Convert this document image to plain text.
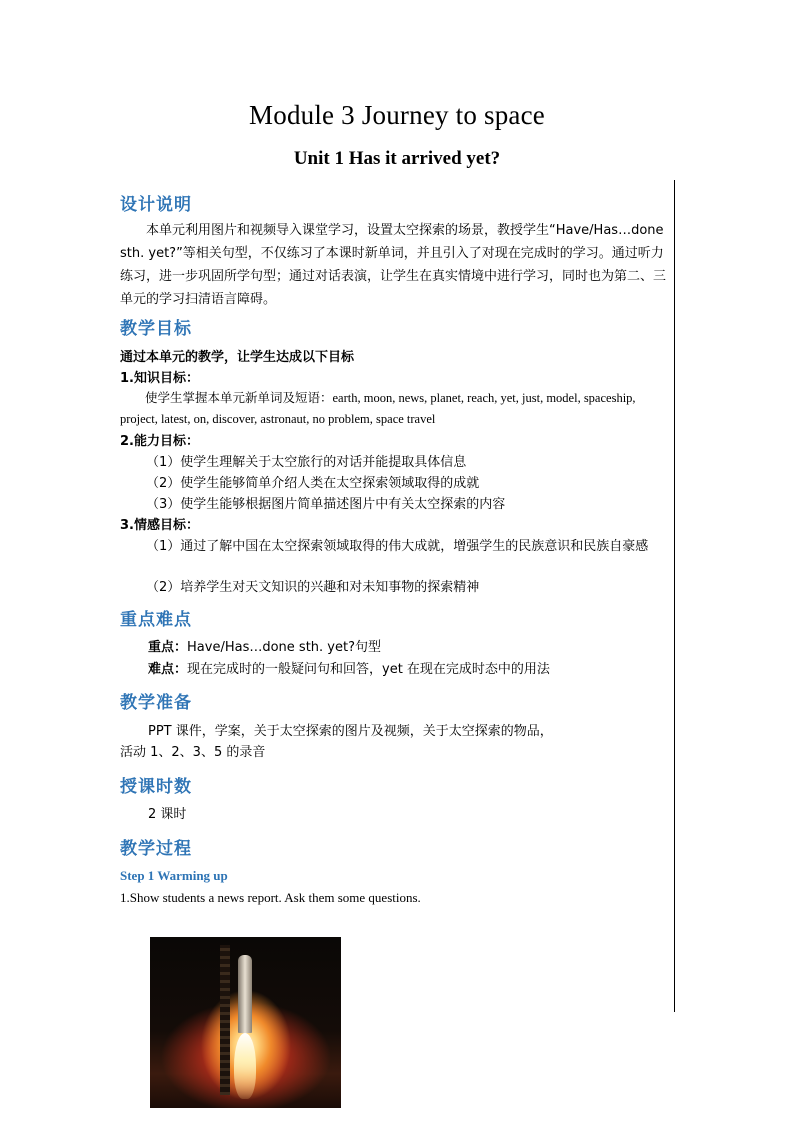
Module 3 Journey to space
Unit 1 Has it arrived yet?
设计说明
本单元利用图片和视频导入课堂学习，设置太空探索的场景，教授学生“Have/Has…done sth. yet?”等相关句型，不仅练习了本课时新单词，并且引入了对现在完成时的学习。通过听力练习，进一步巩固所学句型；通过对话表演，让学生在真实情境中进行学习，同时也为第二、三单元的学习扫清语言障碍。
教学目标
通过本单元的教学，让学生达成以下目标
1.知识目标：
使学生掌握本单元新单词及短语：earth, moon, news, planet, reach, yet, just, model, spaceship, project, latest, on, discover, astronaut, no problem, space travel
2.能力目标：
（1）使学生理解关于太空旅行的对话并能提取具体信息
（2）使学生能够简单介绍人类在太空探索领域取得的成就
（3）使学生能够根据图片简单描述图片中有关太空探索的内容
3.情感目标：
（1）通过了解中国在太空探索领域取得的伟大成就，增强学生的民族意识和民族自豪感
（2）培养学生对天文知识的兴趣和对未知事物的探索精神
重点难点
重点：Have/Has…done sth. yet?句型
难点：现在完成时的一般疑问句和回答，yet 在现在完成时态中的用法
教学准备
PPT 课件，学案，关于太空探索的图片及视频，关于太空探索的物品，
活动 1、2、3、5 的录音
授课时数
2 课时
教学过程
Step 1 Warming up
1.Show students a news report. Ask them some questions.
